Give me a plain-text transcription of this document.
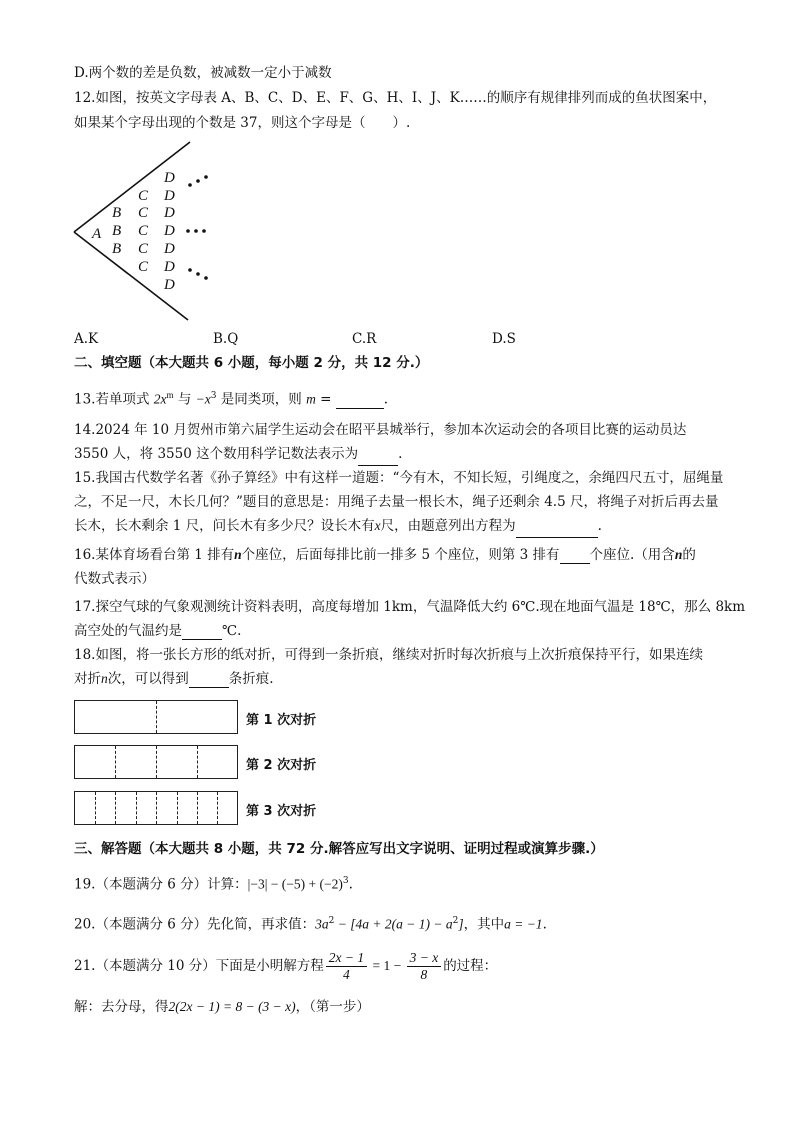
D.两个数的差是负数，被减数一定小于减数
12.如图，按英文字母表 A、B、C、D、E、F、G、H、I、J、K……的顺序有规律排列而成的鱼状图案中，
如果某个字母出现的个数是 37，则这个字母是（　　）.
A
B
B
B
C
C
C
C
C
D
D
D
D
D
D
D
A.K	B.Q	C.R	D.S
二、填空题（本大题共 6 小题，每小题 2 分，共 12 分.）
13.若单项式 $2x^m$ 与 $-x^3$ 是同类项，则 m =	.
14.2024 年 10 月贺州市第六届学生运动会在昭平县城举行，参加本次运动会的各项目比赛的运动员达 3550 人，将 3550 这个数用科学记数法表示为	.
15.我国古代数学名著《孙子算经》中有这样一道题：“今有木，不知长短，引绳度之，余绳四尺五寸，屈绳量之，不足一尺，木长几何？”题目的意思是：用绳子去量一根长木，绳子还剩余 4.5 尺，将绳子对折后再去量长木，长木剩余 1 尺，问长木有多少尺？设长木有x尺，由题意列出方程为	.
16.某体育场看台第 1 排有n个座位，后面每排比前一排多 5 个座位，则第 3 排有 个座位.（用含n的
代数式表示）
17.探空气球的气象观测统计资料表明，高度每增加 1km，气温降低大约 6℃.现在地面气温是 18℃，那么 8km
高空处的气温约是	℃.
18.如图，将一张长方形的纸对折，可得到一条折痕，继续对折时每次折痕与上次折痕保持平行，如果连续
对折n次，可以得到	条折痕.
第 1 次对折
第 2 次对折
第 3 次对折
三、解答题（本大题共 8 小题，共 72 分.解答应写出文字说明、证明过程或演算步骤.）
19.（本题满分 6 分）计算：$|-3| - (-5) + (-2)^3$.
20.（本题满分 6 分）先化简，再求值：$3a^2 - [4a + 2(a - 1) - a^2]$，其中a = −1.
21.（本题满分 10 分）下面是小明解方程 $\frac{2x - 1}{4} = 1 - \frac{3 - x}{8}$ 的过程：
解：去分母，得2(2x − 1) = 8 − (3 − x)，（第一步）
